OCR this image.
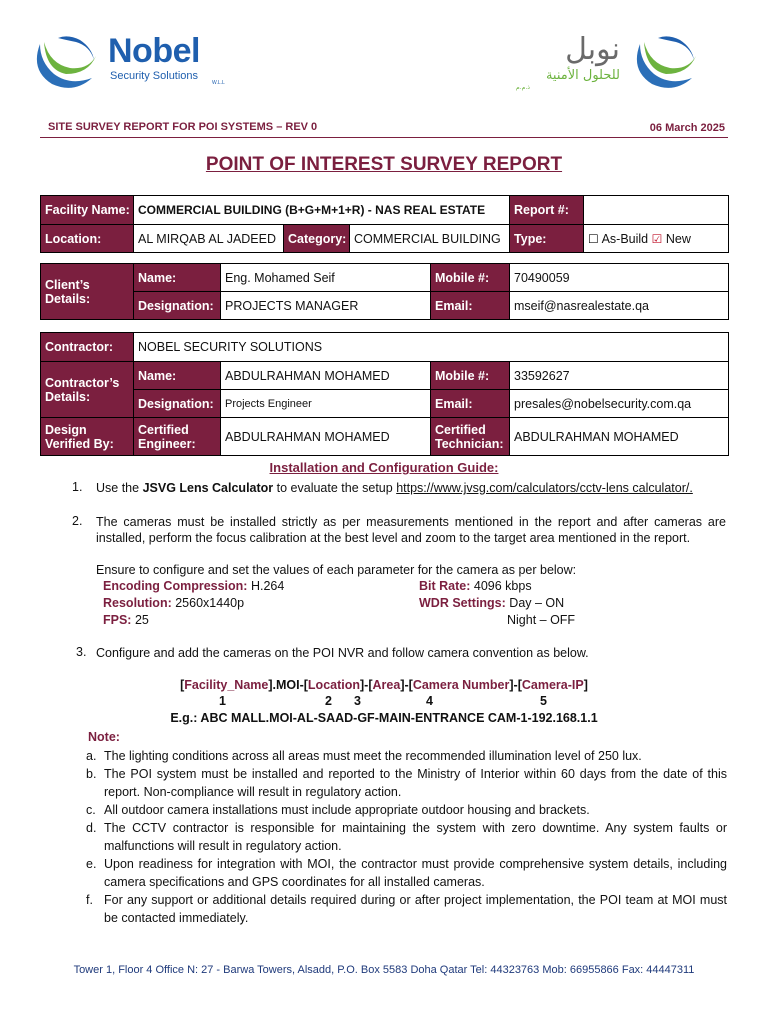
Nobel
Security Solutions
W.L.L
نوبل
للحلول الأمنية
ذ.م.م
SITE SURVEY REPORT FOR POI SYSTEMS – REV 0	06 March 2025
POINT OF INTEREST SURVEY REPORT
Facility Name:	COMMERCIAL BUILDING (B+G+M+1+R) - NAS REAL ESTATE			Report #:	
Location:	AL MIRQAB AL JADEED	Category:	COMMERCIAL BUILDING	Type:	☐ As-Build ☑ New
Client’s Details:	Name:	Eng. Mohamed Seif	Mobile #:	70490059
	Designation:	PROJECTS MANAGER	Email:	mseif@nasrealestate.qa
Contractor:	NOBEL SECURITY SOLUTIONS			
Contractor’s Details:	Name:	ABDULRAHMAN MOHAMED	Mobile #:	33592627
	Designation:	Projects Engineer	Email:	presales@nobelsecurity.com.qa
Design Verified By:	Certified Engineer:	ABDULRAHMAN MOHAMED	Certified Technician:	ABDULRAHMAN MOHAMED
Installation and Configuration Guide:
1. Use the JSVG Lens Calculator to evaluate the setup https://www.jvsg.com/calculators/cctv-lens calculator/.
2. The cameras must be installed strictly as per measurements mentioned in the report and after cameras are installed, perform the focus calibration at the best level and zoom to the target area mentioned in the report.
Ensure to configure and set the values of each parameter for the camera as per below:
Encoding Compression: H.264
Resolution: 2560x1440p
FPS: 25
Bit Rate: 4096 kbps
WDR Settings: Day – ON
Night – OFF
3. Configure and add the cameras on the POI NVR and follow camera convention as below.
[Facility_Name].MOI-[Location]-[Area]-[Camera Number]-[Camera-IP]
1	2 3	4	5
E.g.: ABC MALL.MOI-AL-SAAD-GF-MAIN-ENTRANCE CAM-1-192.168.1.1
Note:
a. The lighting conditions across all areas must meet the recommended illumination level of 250 lux.
b. The POI system must be installed and reported to the Ministry of Interior within 60 days from the date of this report. Non-compliance will result in regulatory action.
c. All outdoor camera installations must include appropriate outdoor housing and brackets.
d. The CCTV contractor is responsible for maintaining the system with zero downtime. Any system faults or malfunctions will result in regulatory action.
e. Upon readiness for integration with MOI, the contractor must provide comprehensive system details, including camera specifications and GPS coordinates for all installed cameras.
f. For any support or additional details required during or after project implementation, the POI team at MOI must be contacted immediately.
Tower 1, Floor 4 Office N: 27 - Barwa Towers, Alsadd, P.O. Box 5583 Doha Qatar Tel: 44323763 Mob: 66955866 Fax: 44447311
